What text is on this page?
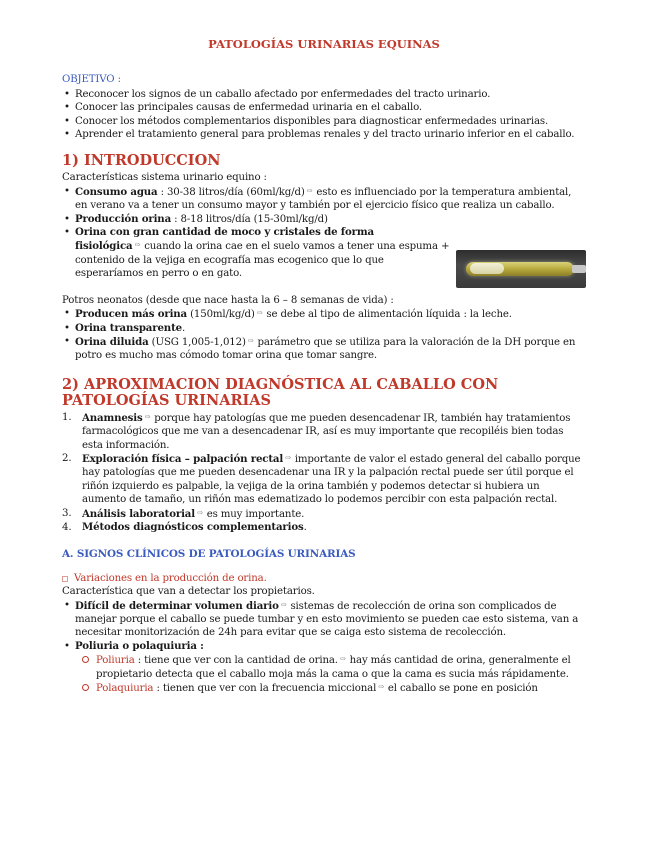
PATOLOGÍAS URINARIAS EQUINAS
OBJETIVO :
• Reconocer los signos de un caballo afectado por enfermedades del tracto urinario.
• Conocer las principales causas de enfermedad urinaria en el caballo.
• Conocer los métodos complementarios disponibles para diagnosticar enfermedades urinarias.
• Aprender el tratamiento general para problemas renales y del tracto urinario inferior en el caballo.
1) INTRODUCCION
Características sistema urinario equino :
• Consumo agua : 30-38 litros/día (60ml/kg/d) ⇨ esto es influenciado por la temperatura ambiental, en verano va a tener un consumo mayor y también por el ejercicio físico que realiza un caballo.
• Producción orina : 8-18 litros/día (15-30ml/kg/d)
• Orina con gran cantidad de moco y cristales de forma fisiológica ⇨ cuando la orina cae en el suelo vamos a tener una espuma + contenido de la vejiga en ecografía mas ecogenico que lo que esperaríamos en perro o en gato.
Potros neonatos (desde que nace hasta la 6 – 8 semanas de vida) :
• Producen más orina (150ml/kg/d) ⇨ se debe al tipo de alimentación líquida : la leche.
• Orina transparente.
• Orina diluida (USG 1,005-1,012) ⇨ parámetro que se utiliza para la valoración de la DH porque en potro es mucho mas cómodo tomar orina que tomar sangre.
2) APROXIMACION DIAGNÓSTICA AL CABALLO CON PATOLOGÍAS URINARIAS
1. Anamnesis ⇨ porque hay patologías que me pueden desencadenar IR, también hay tratamientos farmacológicos que me van a desencadenar IR, así es muy importante que recopiléis bien todas esta información.
2. Exploración física – palpación rectal ⇨ importante de valor el estado general del caballo porque hay patologías que me pueden desencadenar una IR y la palpación rectal puede ser útil porque el riñón izquierdo es palpable, la vejiga de la orina también y podemos detectar si hubiera un aumento de tamaño, un riñón mas edematizado lo podemos percibir con esta palpación rectal.
3. Análisis laboratorial ⇨ es muy importante.
4. Métodos diagnósticos complementarios.
A. SIGNOS CLÍNICOS DE PATOLOGÍAS URINARIAS
Variaciones en la producción de orina.
Característica que van a detectar los propietarios.
• Difícil de determinar volumen diario ⇨ sistemas de recolección de orina son complicados de manejar porque el caballo se puede tumbar y en esto movimiento se pueden cae esto sistema, van a necesitar monitorización de 24h para evitar que se caiga esto sistema de recolección.
• Poliuria o polaquiuria :
Poliuria : tiene que ver con la cantidad de orina. ⇨ hay más cantidad de orina, generalmente el propietario detecta que el caballo moja más la cama o que la cama es sucia más rápidamente.
Polaquiuria : tienen que ver con la frecuencia miccional ⇨ el caballo se pone en posición
